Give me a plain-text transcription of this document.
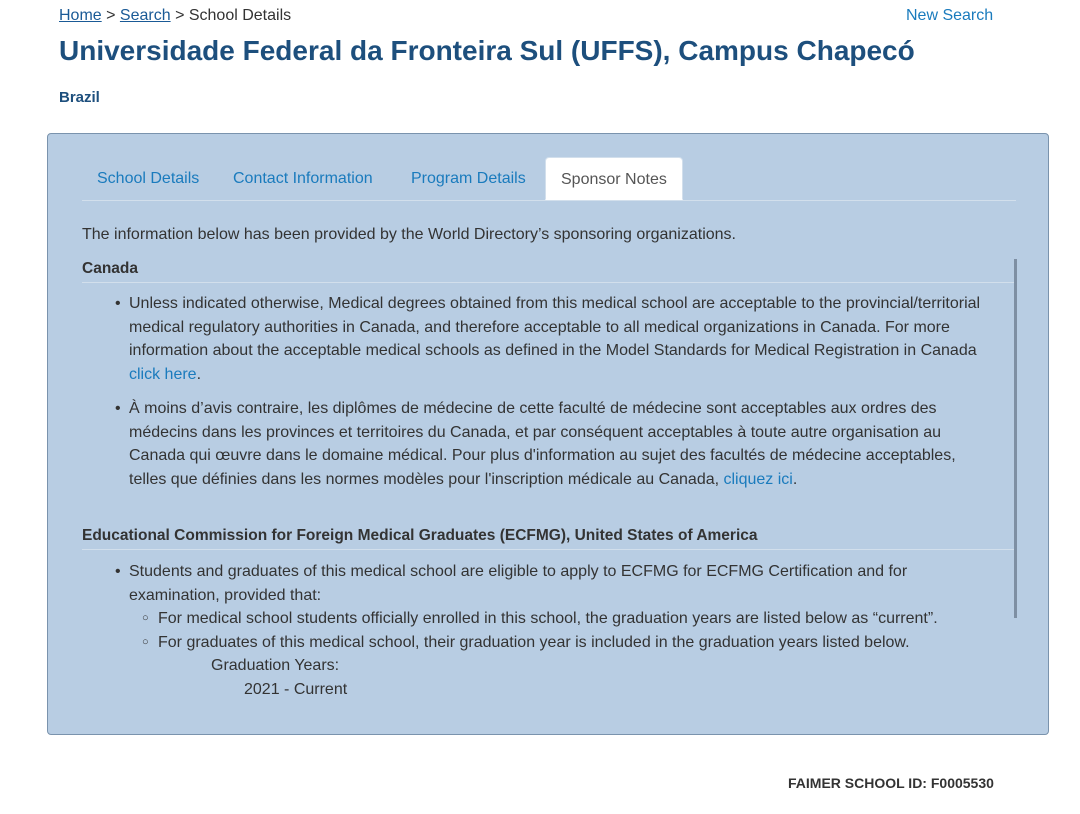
Home > Search > School Details	New Search
Universidade Federal da Fronteira Sul (UFFS), Campus Chapecó
Brazil
School Details	Contact Information	Program Details	Sponsor Notes
The information below has been provided by the World Directory’s sponsoring organizations.
Canada
• Unless indicated otherwise, Medical degrees obtained from this medical school are acceptable to the provincial/territorial medical regulatory authorities in Canada, and therefore acceptable to all medical organizations in Canada. For more information about the acceptable medical schools as defined in the Model Standards for Medical Registration in Canada click here.
• À moins d’avis contraire, les diplômes de médecine de cette faculté de médecine sont acceptables aux ordres des médecins dans les provinces et territoires du Canada, et par conséquent acceptables à toute autre organisation au Canada qui œuvre dans le domaine médical. Pour plus d'information au sujet des facultés de médecine acceptables, telles que définies dans les normes modèles pour l'inscription médicale au Canada, cliquez ici.
Educational Commission for Foreign Medical Graduates (ECFMG), United States of America
• Students and graduates of this medical school are eligible to apply to ECFMG for ECFMG Certification and for examination, provided that:
○ For medical school students officially enrolled in this school, the graduation years are listed below as “current”.
○ For graduates of this medical school, their graduation year is included in the graduation years listed below.
Graduation Years:
2021 - Current
FAIMER SCHOOL ID: F0005530
